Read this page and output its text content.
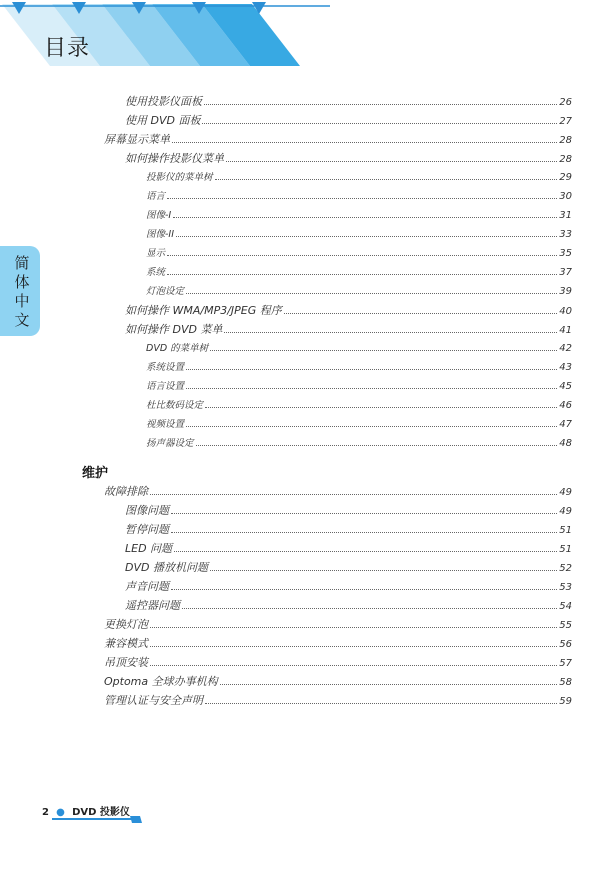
目录
简体中文
使用投影仪面板	26
使用 DVD 面板	27
屏幕显示菜单	28
如何操作投影仪菜单	28
投影仪的菜单树	29
语言	30
图像-I	31
图像-II	33
显示	35
系统	37
灯泡设定	39
如何操作 WMA/MP3/JPEG 程序	40
如何操作 DVD 菜单	41
DVD 的菜单树	42
系统设置	43
语言设置	45
杜比数码设定	46
视频设置	47
扬声器设定	48
维护
故障排除	49
图像问题	49
暂停问题	51
LED 问题	51
DVD 播放机问题	52
声音问题	53
遥控器问题	54
更换灯泡	55
兼容模式	56
吊顶安装	57
Optoma 全球办事机构	58
管理认证与安全声明	59
2 ● DVD 投影仪
